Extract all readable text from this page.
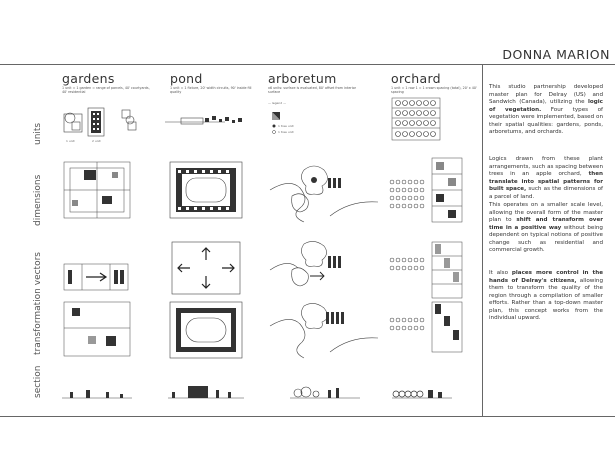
DONNA MARION
gardens	pond	arboretum	orchard
1 unit = 1 garden = range of parcels, 40' courtyards, 40' residential
1 unit = 1 fixture, 20' width circuits, 90' inside fill quality
x6 units: surface is evaluated, 80' offset from interior surface
1 unit = 1 row 1 = 1 crown spacing (total), 20' x 40' spacing
units
dimensions
transformation vectors
section
1 unit	2 unit
— legend —
1 tree unit
1 tree unit
This studio partnership developed master plan for Delray (US) and Sandwich (Canada), utilizing the logic of vegetation. Four types of vegetation were implemented, based on their spatial qualities: gardens, ponds, arboretums, and orchards.
Logics drawn from these plant arrangements, such as spacing between trees in an apple orchard, then translate into spatial patterns for built space, such as the dimensions of a parcel of land.
This operates on a smaller scale level, allowing the overall form of the master plan to shift and transform over time in a positive way without being dependent on typical notions of positive change such as residential and commercial growth.
It also places more control in the hands of Delray's citizens, allowing them to transform the quality of the region through a compilation of smaller efforts. Rather than a top-down master plan, this concept works from the individual upward.
